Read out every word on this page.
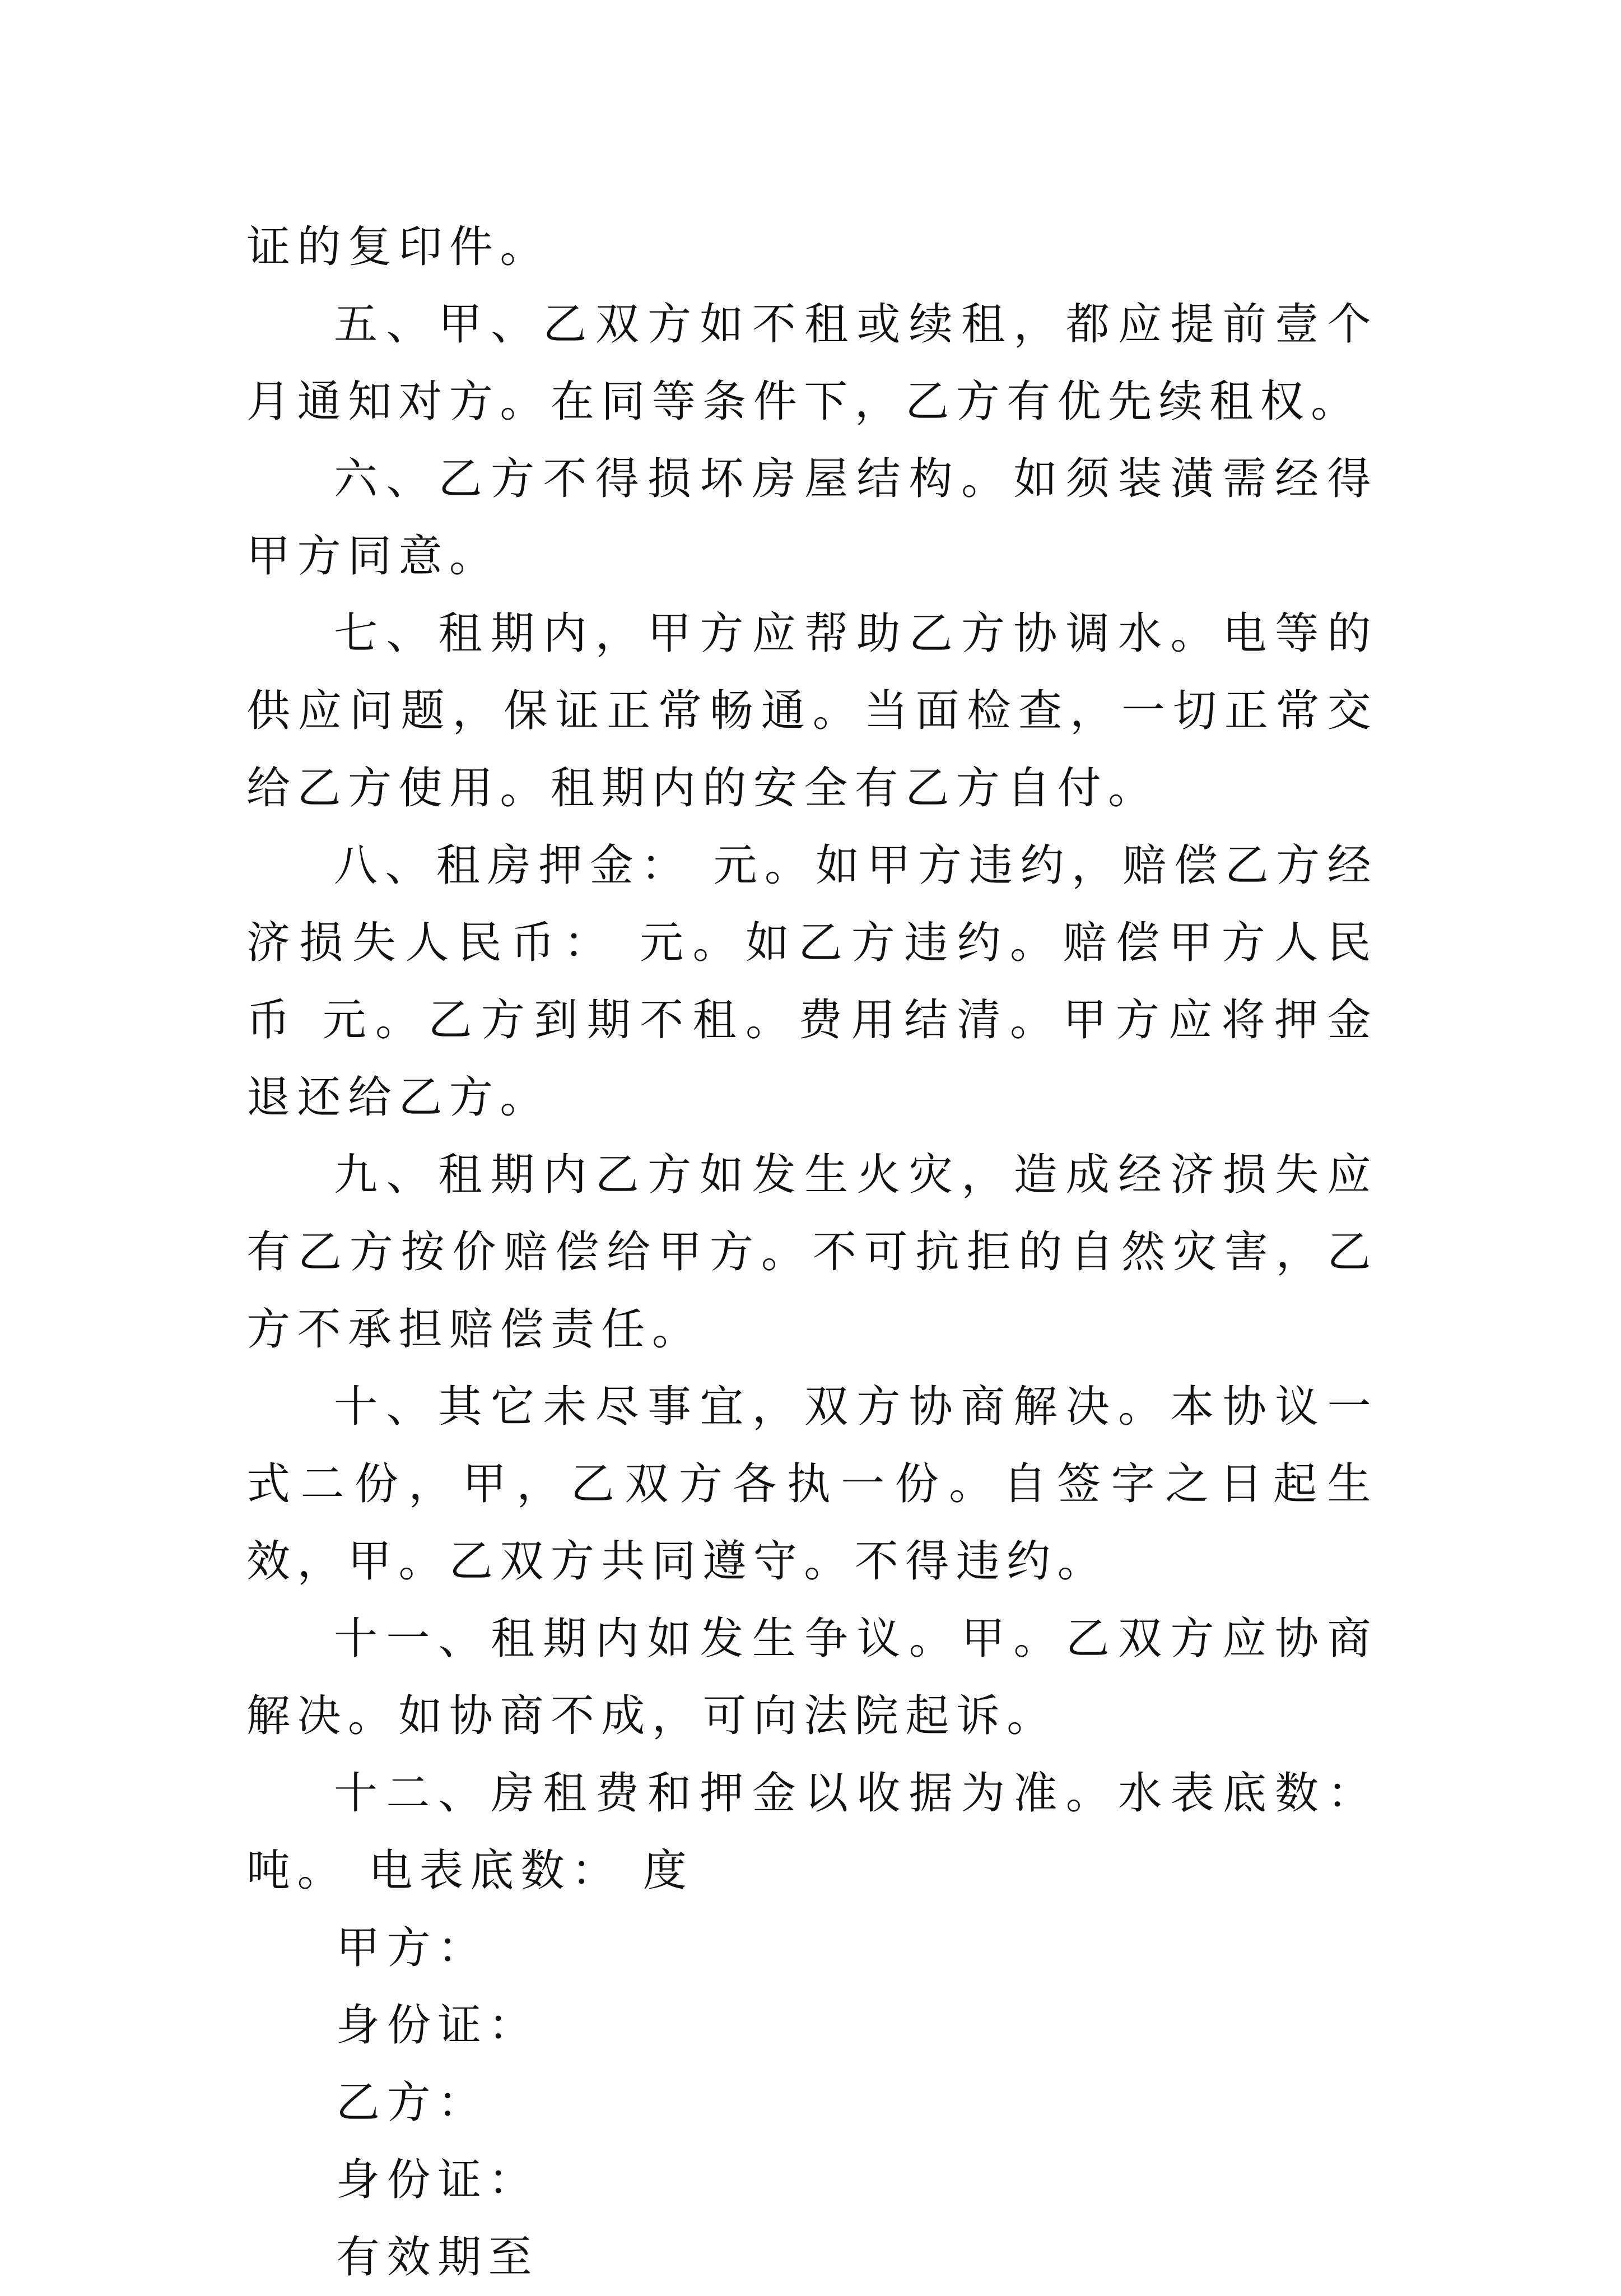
证的复印件。

五、甲、乙双方如不租或续租，都应提前壹个月通知对方。在同等条件下，乙方有优先续租权。

六、乙方不得损坏房屋结构。如须装潢需经得甲方同意。

七、租期内，甲方应帮助乙方协调水。电等的供应问题，保证正常畅通。当面检查，一切正常交给乙方使用。租期内的安全有乙方自付。

八、租房押金： 元。如甲方违约，赔偿乙方经济损失人民币： 元。如乙方违约。赔偿甲方人民币 元。乙方到期不租。费用结清。甲方应将押金退还给乙方。

九、租期内乙方如发生火灾，造成经济损失应有乙方按价赔偿给甲方。不可抗拒的自然灾害，乙方不承担赔偿责任。

十、其它未尽事宜，双方协商解决。本协议一式二份，甲，乙双方各执一份。自签字之日起生效，甲。乙双方共同遵守。不得违约。

十一、租期内如发生争议。甲。乙双方应协商解决。如协商不成，可向法院起诉。

十二、房租费和押金以收据为准。水表底数： 吨。 电表底数： 度

甲方：

身份证：

乙方：

身份证：

有效期至
